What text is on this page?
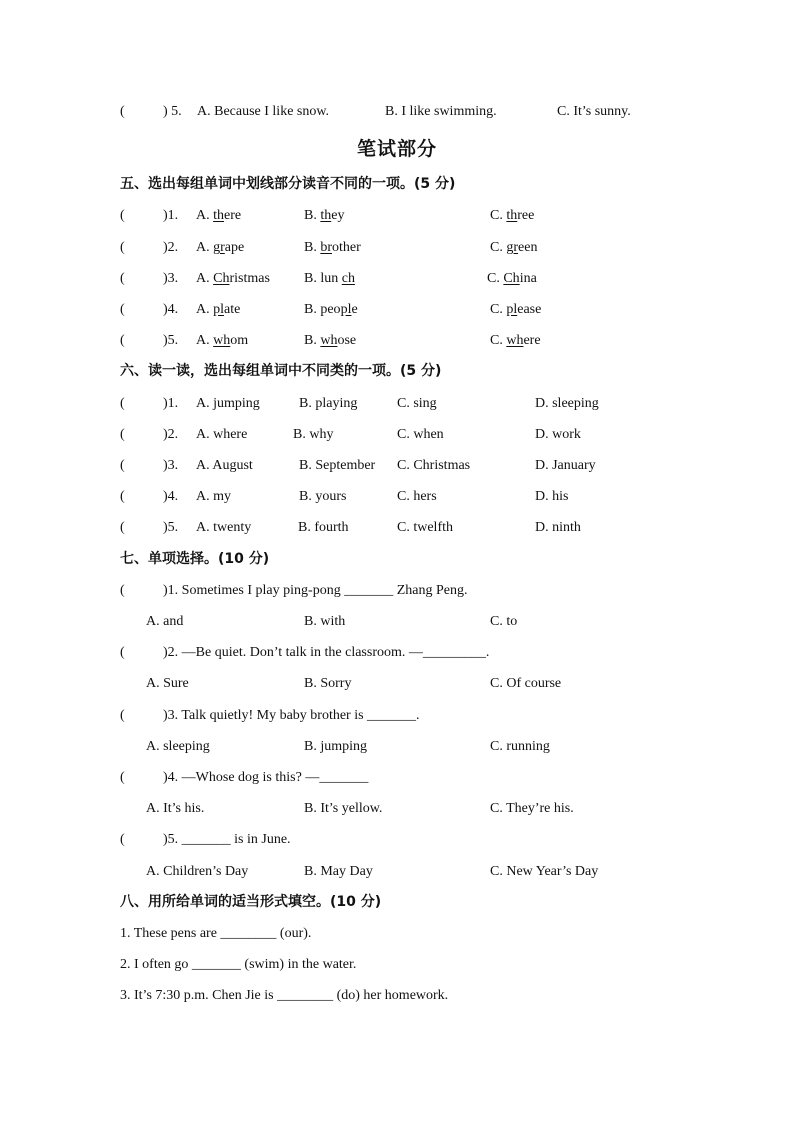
(	) 5. A. Because I like snow.	B. I like swimming.	C. It’s sunny.
笔试部分
五、选出每组单词中划线部分读音不同的一项。(5 分)
(	)1. A. there	B. they	C. three
(	)2. A. grape	B. brother	C. green
(	)3. A. Christmas B. lun ch	C. China
(	)4. A. plate	B. people	C. please
(	)5. A. whom	B. whose	C. where
六、读一读，选出每组单词中不同类的一项。(5 分)
(	)1. A. jumping	B. playing	C. sing	D. sleeping
(	)2. A. where	B. why	C. when	D. work
(	)3. A. August	B. September C. Christmas	D. January
(	)4. A. my	B. yours	C. hers	D. his
(	)5. A. twenty	B. fourth	C. twelfth	D. ninth
七、单项选择。(10 分)
(	)1. Sometimes I play ping-pong _______ Zhang Peng.
A. and	B. with	C. to
(	)2. —Be quiet. Don’t talk in the classroom. —_________.
A. Sure	B. Sorry	C. Of course
(	)3. Talk quietly! My baby brother is _______.
A. sleeping	B. jumping	C. running
(	)4. —Whose dog is this? —_______
A. It’s his.	B. It’s yellow.	C. They’re his.
(	)5. _______ is in June.
A. Children’s Day	B. May Day	C. New Year’s Day
八、用所给单词的适当形式填空。(10 分)
1. These pens are ________ (our).
2. I often go _______ (swim) in the water.
3. It’s 7:30 p.m. Chen Jie is ________ (do) her homework.
